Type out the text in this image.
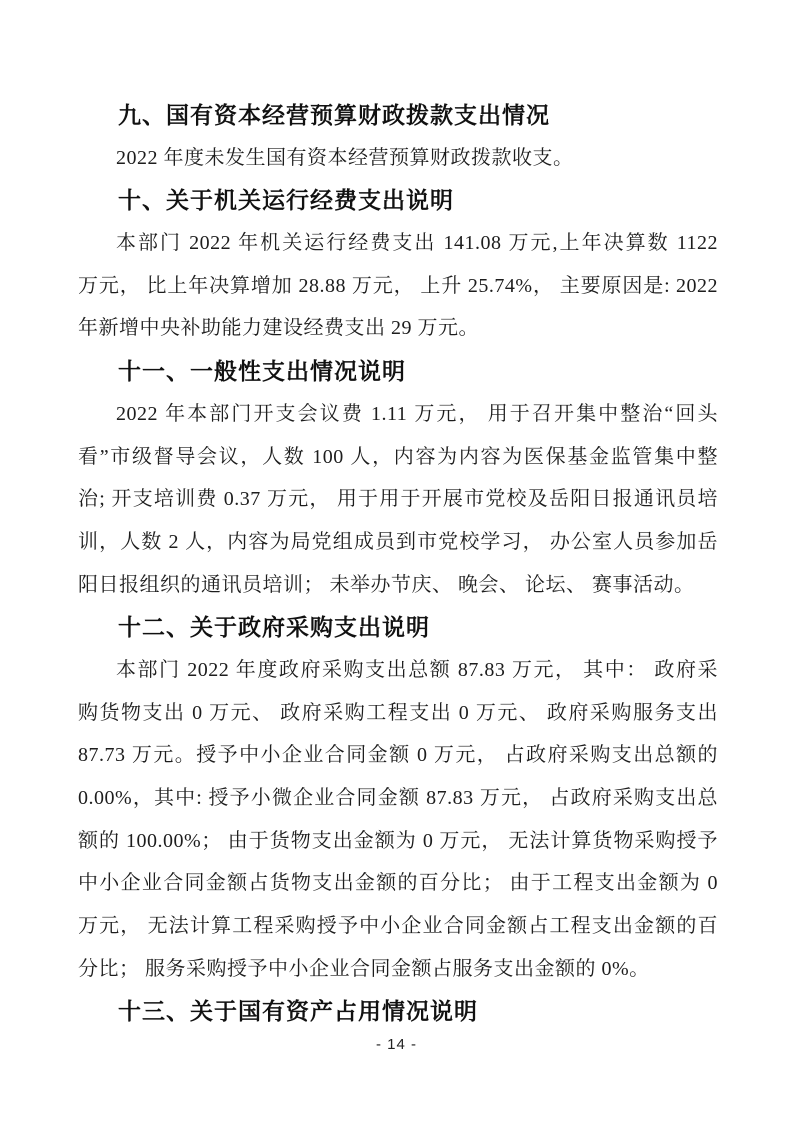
九、国有资本经营预算财政拨款支出情况
2022 年度未发生国有资本经营预算财政拨款收支。
十、关于机关运行经费支出说明
本部门 2022 年机关运行经费支出 141.08 万元,上年决算数 1122
万元， 比上年决算增加 28.88 万元， 上升 25.74%， 主要原因是: 2022
年新增中央补助能力建设经费支出 29 万元。
十一、一般性支出情况说明
2022 年本部门开支会议费 1.11 万元， 用于召开集中整治“回头
看”市级督导会议，人数 100 人，内容为内容为医保基金监管集中整
治; 开支培训费 0.37 万元， 用于用于开展市党校及岳阳日报通讯员培
训，人数 2 人，内容为局党组成员到市党校学习， 办公室人员参加岳
阳日报组织的通讯员培训； 未举办节庆、 晚会、 论坛、 赛事活动。
十二、关于政府采购支出说明
本部门 2022 年度政府采购支出总额 87.83 万元， 其中： 政府采
购货物支出 0 万元、 政府采购工程支出 0 万元、 政府采购服务支出
87.73 万元。授予中小企业合同金额 0 万元， 占政府采购支出总额的
0.00%，其中: 授予小微企业合同金额 87.83 万元， 占政府采购支出总
额的 100.00%； 由于货物支出金额为 0 万元， 无法计算货物采购授予
中小企业合同金额占货物支出金额的百分比； 由于工程支出金额为 0
万元， 无法计算工程采购授予中小企业合同金额占工程支出金额的百
分比； 服务采购授予中小企业合同金额占服务支出金额的 0%。
十三、关于国有资产占用情况说明
- 14 -
